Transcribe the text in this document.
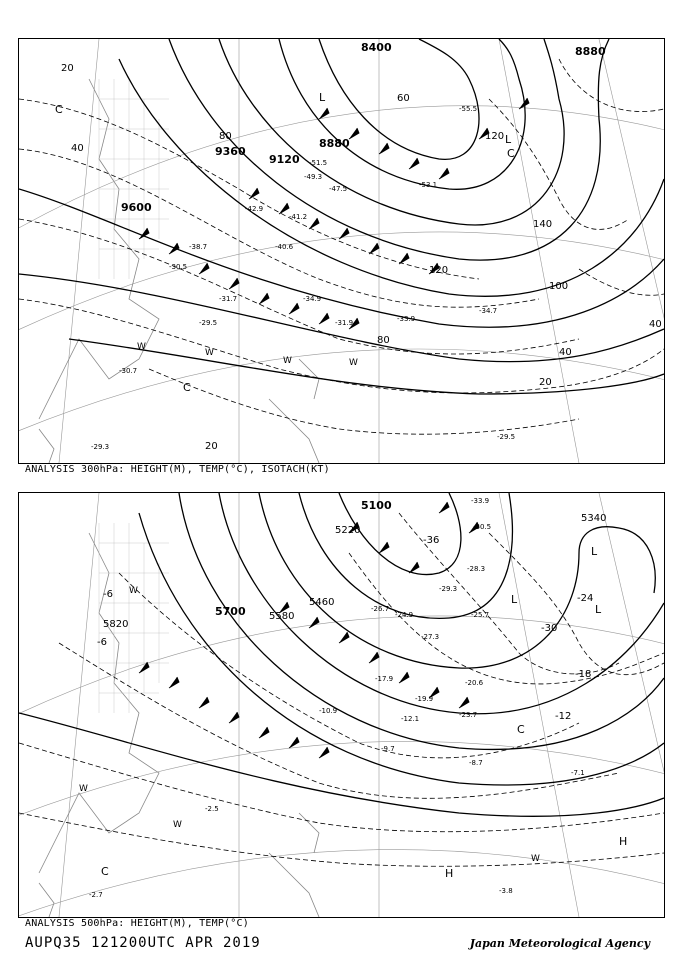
8400	8880
8880
9120
9360
9600
20
40
60
80	120
100
140
120
80
40
20
40
20
-55.5
-53.1
-51.5
-49.3
-47.5
-42.9
-41.2
-40.6
-38.7
-34.9
-33.9
-34.7
-31.7
-31.9
-30.5
-29.5
-30.7
-29.3
-29.5
C
C
C
W
W
W	W
L
L
ANALYSIS 300hPa: HEIGHT(M), TEMP(°C), ISOTACH(KT)
5100
5220
5340
5460
5580
5700
5820
-36
-30
-24
-18
-12
-6
-6
-33.9
-30.5
-29.3
-28.3
-26.7
-24.9	-25.7
-27.3
-20.6
-19.9
-23.7
-17.9
-12.1
-10.9
-9.7
-8.7
-7.1
-3.8
-2.5
-2.7
C
C
W
W
W
W
L
L
L
H
H
ANALYSIS 500hPa: HEIGHT(M), TEMP(°C)
AUPQ35 121200UTC APR 2019	Japan Meteorological Agency
